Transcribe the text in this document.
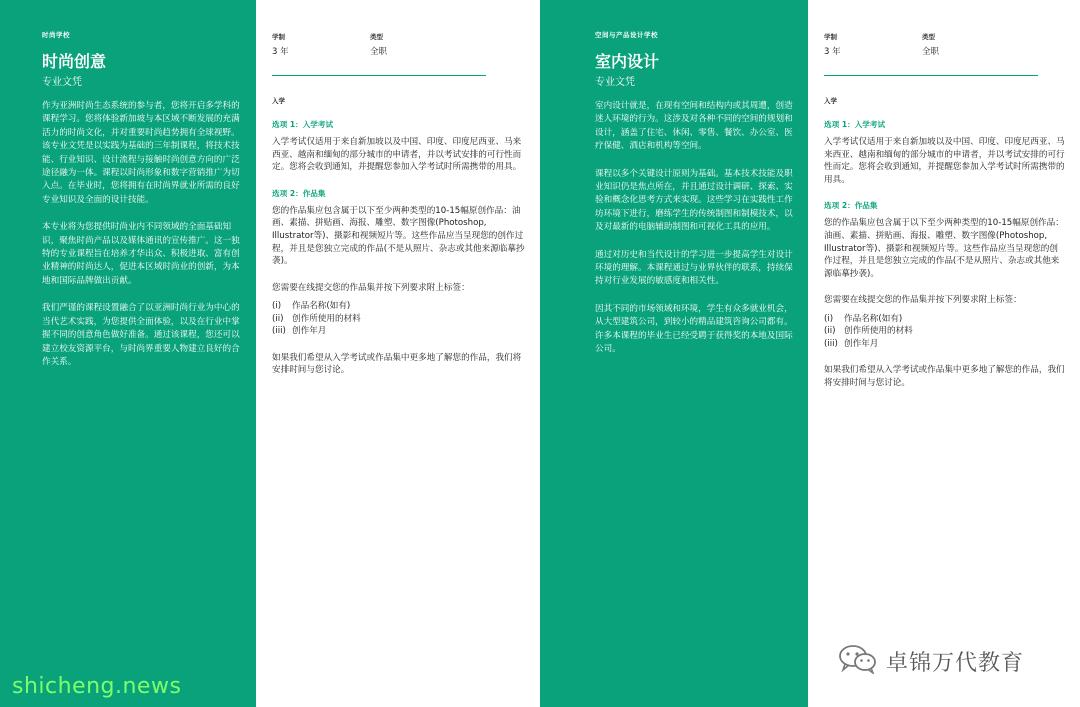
时尚学校
时尚创意
专业文凭

作为亚洲时尚生态系统的参与者，您将开启多学科的课程学习。您将体验新加坡与本区域不断发展的充满活力的时尚文化，并对重要时尚趋势拥有全球视野。该专业文凭是以实践为基础的三年制课程，将技术技能、行业知识、设计流程与接触时尚创意方向的广泛途径融为一体。课程以时尚形象和数字营销推广为切入点。在毕业时，您将拥有在时尚界就业所需的良好专业知识及全面的设计技能。

本专业将为您提供时尚业内不同领域的全面基础知识，聚焦时尚产品以及媒体通讯的宣传推广。这一独特的专业课程旨在培养才华出众、积极进取、富有创业精神的时尚达人，促进本区域时尚业的创新，为本地和国际品牌做出贡献。

我们严谨的课程设置融合了以亚洲时尚行业为中心的当代艺术实践，为您提供全面体验，以及在行业中掌握不同的创意角色做好准备。通过该课程，您还可以建立校友资源平台，与时尚界重要人物建立良好的合作关系。

学制
3 年
类型
全职
入学
选项 1：入学考试

入学考试仅适用于来自新加坡以及中国、印度、印度尼西亚、马来西亚、越南和缅甸的部分城市的申请者，并以考试安排的可行性而定。您将会收到通知，并提醒您参加入学考试时所需携带的用具。

选项 2：作品集

您的作品集应包含属于以下至少两种类型的10-15幅原创作品：油画、素描、拼贴画、海报、雕塑、数字图像(Photoshop, Illustrator等)、摄影和视频短片等。这些作品应当呈现您的创作过程，并且是您独立完成的作品(不是从照片、杂志或其他来源临摹抄袭)。

您需要在线提交您的作品集并按下列要求附上标签：

(i)	作品名称(如有)
(ii) 创作所使用的材料
(iii) 创作年月

如果我们希望从入学考试或作品集中更多地了解您的作品，我们将安排时间与您讨论。

空间与产品设计学校
室内设计
专业文凭

室内设计就是，在现有空间和结构内或其周遭，创造迷人环境的行为。这涉及对各种不同的空间的规划和设计，涵盖了住宅、休闲、零售、餐饮、办公室、医疗保健、酒店和机构等空间。

课程以多个关键设计原则为基础。基本技术技能及职业知识仍是焦点所在，并且通过设计调研、探索、实验和概念化思考方式来实现。这些学习在实践性工作坊环境下进行，磨练学生的传统制图和制模技术，以及对最新的电脑辅助制图和可视化工具的应用。

通过对历史和当代设计的学习进一步提高学生对设计环境的理解。本课程通过与业界伙伴的联系，持续保持对行业发展的敏感度和相关性。

因其不同的市场领域和环境，学生有众多就业机会，从大型建筑公司，到较小的精品建筑咨询公司都有。许多本课程的毕业生已经受聘于获得奖的本地及国际公司。

学制
3 年
类型
全职
入学
选项 1：入学考试

入学考试仅适用于来自新加坡以及中国、印度、印度尼西亚、马来西亚、越南和缅甸的部分城市的申请者，并以考试安排的可行性而定。您将会收到通知，并提醒您参加入学考试时所需携带的用具。

选项 2：作品集

您的作品集应包含属于以下至少两种类型的10-15幅原创作品：油画、素描、拼贴画、海报、雕塑、数字图像(Photoshop, Illustrator等)、摄影和视频短片等。这些作品应当呈现您的创作过程，并且是您独立完成的作品(不是从照片、杂志或其他来源临摹抄袭)。

您需要在线提交您的作品集并按下列要求附上标签：

(i)	作品名称(如有)
(ii) 创作所使用的材料
(iii) 创作年月

如果我们希望从入学考试或作品集中更多地了解您的作品，我们将安排时间与您讨论。

shicheng.news
卓锦万代教育
